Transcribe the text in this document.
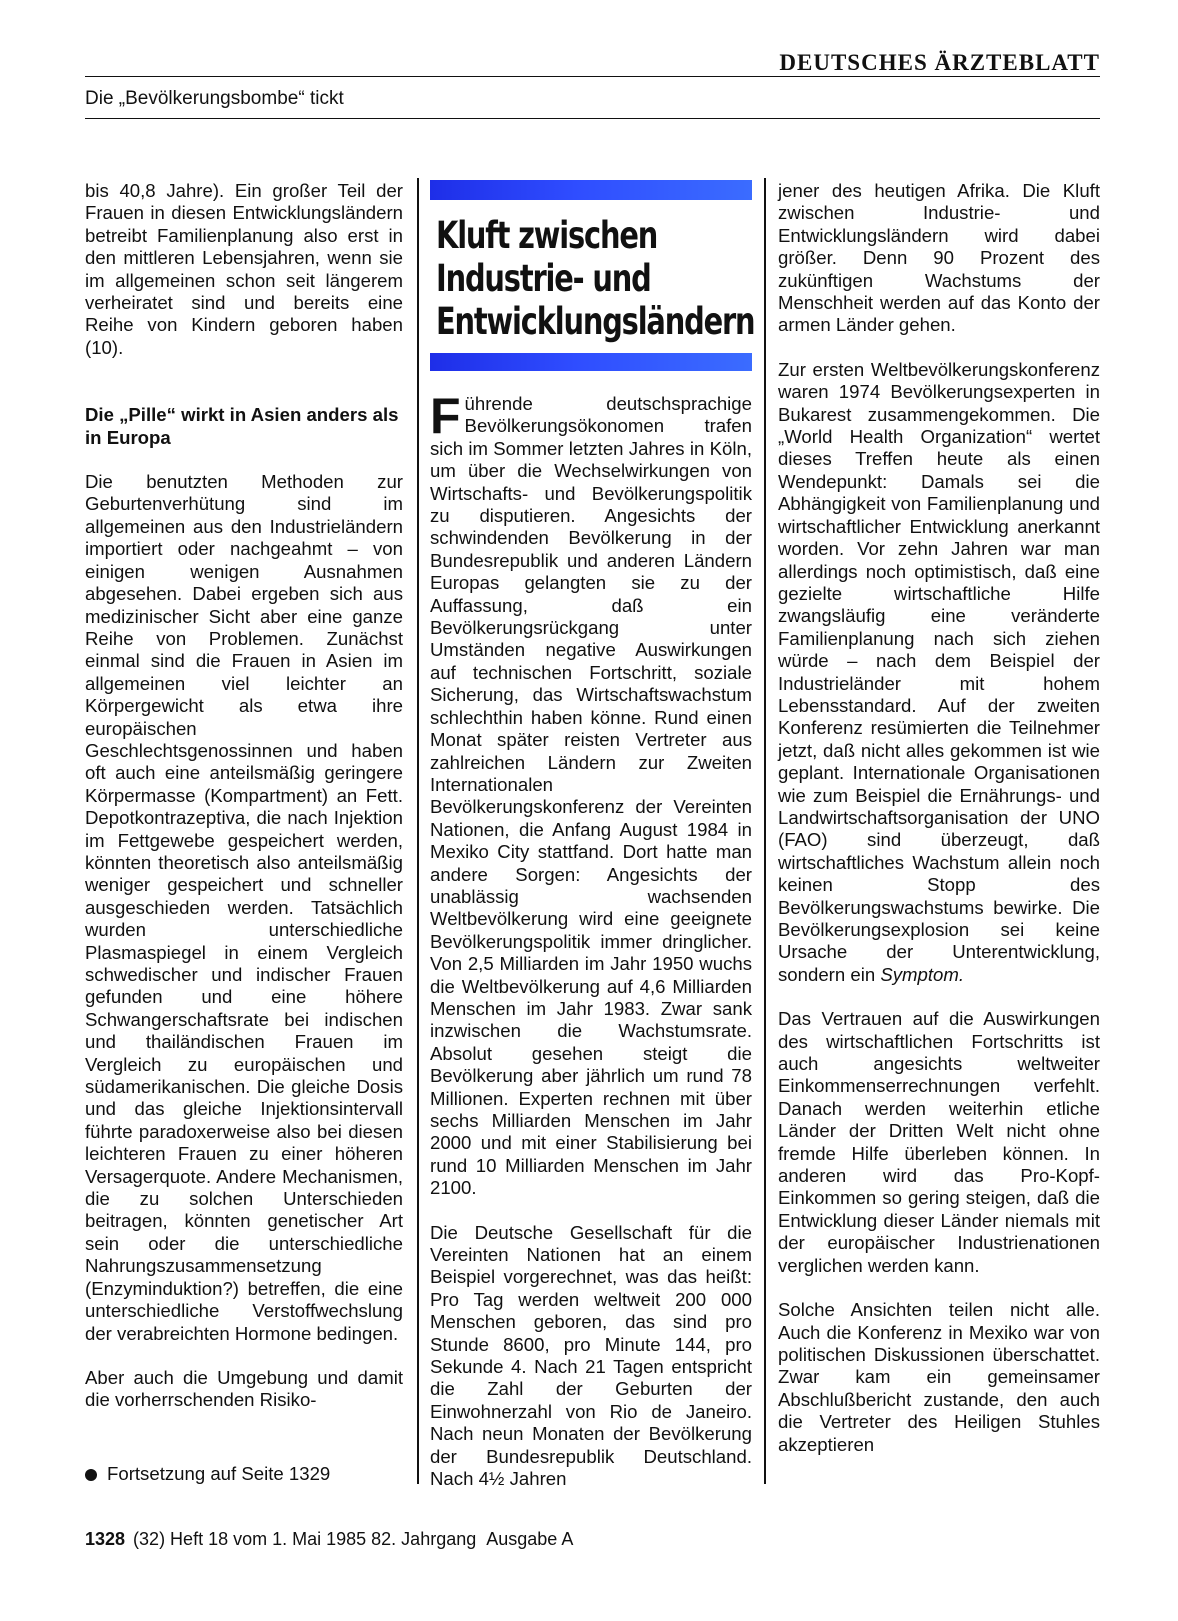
DEUTSCHES ÄRZTEBLATT
Die „Bevölkerungsbombe“ tickt

bis 40,8 Jahre). Ein großer Teil der Frauen in diesen Entwicklungsländern betreibt Familienplanung also erst in den mittleren Lebensjahren, wenn sie im allgemeinen schon seit längerem verheiratet sind und bereits eine Reihe von Kindern geboren haben (10).

Die „Pille“ wirkt in Asien anders als in Europa

Die benutzten Methoden zur Geburtenverhütung sind im allgemeinen aus den Industrieländern importiert oder nachgeahmt – von einigen wenigen Ausnahmen abgesehen. Dabei ergeben sich aus medizinischer Sicht aber eine ganze Reihe von Problemen. Zunächst einmal sind die Frauen in Asien im allgemeinen viel leichter an Körpergewicht als etwa ihre europäischen Geschlechtsgenossinnen und haben oft auch eine anteilsmäßig geringere Körpermasse (Kompartment) an Fett. Depotkontrazeptiva, die nach Injektion im Fettgewebe gespeichert werden, könnten theoretisch also anteilsmäßig weniger gespeichert und schneller ausgeschieden werden. Tatsächlich wurden unterschiedliche Plasmaspiegel in einem Vergleich schwedischer und indischer Frauen gefunden und eine höhere Schwangerschaftsrate bei indischen und thailändischen Frauen im Vergleich zu europäischen und südamerikanischen. Die gleiche Dosis und das gleiche Injektionsintervall führte paradoxerweise also bei diesen leichteren Frauen zu einer höheren Versagerquote. Andere Mechanismen, die zu solchen Unterschieden beitragen, könnten genetischer Art sein oder die unterschiedliche Nahrungszusammensetzung (Enzyminduktion?) betreffen, die eine unterschiedliche Verstoffwechslung der verabreichten Hormone bedingen.

Aber auch die Umgebung und damit die vorherrschenden Risiko-

Fortsetzung auf Seite 1329
Kluft zwischen Industrie- und Entwicklungsländern

Führende deutschsprachige Bevölkerungsökonomen trafen sich im Sommer letzten Jahres in Köln, um über die Wechselwirkungen von Wirtschafts- und Bevölkerungspolitik zu disputieren. Angesichts der schwindenden Bevölkerung in der Bundesrepublik und anderen Ländern Europas gelangten sie zu der Auffassung, daß ein Bevölkerungsrückgang unter Umständen negative Auswirkungen auf technischen Fortschritt, soziale Sicherung, das Wirtschaftswachstum schlechthin haben könne. Rund einen Monat später reisten Vertreter aus zahlreichen Ländern zur Zweiten Internationalen Bevölkerungskonferenz der Vereinten Nationen, die Anfang August 1984 in Mexiko City stattfand. Dort hatte man andere Sorgen: Angesichts der unablässig wachsenden Weltbevölkerung wird eine geeignete Bevölkerungspolitik immer dringlicher. Von 2,5 Milliarden im Jahr 1950 wuchs die Weltbevölkerung auf 4,6 Milliarden Menschen im Jahr 1983. Zwar sank inzwischen die Wachstumsrate. Absolut gesehen steigt die Bevölkerung aber jährlich um rund 78 Millionen. Experten rechnen mit über sechs Milliarden Menschen im Jahr 2000 und mit einer Stabilisierung bei rund 10 Milliarden Menschen im Jahr 2100.

Die Deutsche Gesellschaft für die Vereinten Nationen hat an einem Beispiel vorgerechnet, was das heißt: Pro Tag werden weltweit 200 000 Menschen geboren, das sind pro Stunde 8600, pro Minute 144, pro Sekunde 4. Nach 21 Tagen entspricht die Zahl der Geburten der Einwohnerzahl von Rio de Janeiro. Nach neun Monaten der Bevölkerung der Bundesrepublik Deutschland. Nach 4½ Jahren

jener des heutigen Afrika. Die Kluft zwischen Industrie- und Entwicklungsländern wird dabei größer. Denn 90 Prozent des zukünftigen Wachstums der Menschheit werden auf das Konto der armen Länder gehen.

Zur ersten Weltbevölkerungskonferenz waren 1974 Bevölkerungsexperten in Bukarest zusammengekommen. Die „World Health Organization“ wertet dieses Treffen heute als einen Wendepunkt: Damals sei die Abhängigkeit von Familienplanung und wirtschaftlicher Entwicklung anerkannt worden. Vor zehn Jahren war man allerdings noch optimistisch, daß eine gezielte wirtschaftliche Hilfe zwangsläufig eine veränderte Familienplanung nach sich ziehen würde – nach dem Beispiel der Industrieländer mit hohem Lebensstandard. Auf der zweiten Konferenz resümierten die Teilnehmer jetzt, daß nicht alles gekommen ist wie geplant. Internationale Organisationen wie zum Beispiel die Ernährungs- und Landwirtschaftsorganisation der UNO (FAO) sind überzeugt, daß wirtschaftliches Wachstum allein noch keinen Stopp des Bevölkerungswachstums bewirke. Die Bevölkerungsexplosion sei keine Ursache der Unterentwicklung, sondern ein Symptom.

Das Vertrauen auf die Auswirkungen des wirtschaftlichen Fortschritts ist auch angesichts weltweiter Einkommenserrechnungen verfehlt. Danach werden weiterhin etliche Länder der Dritten Welt nicht ohne fremde Hilfe überleben können. In anderen wird das Pro-Kopf-Einkommen so gering steigen, daß die Entwicklung dieser Länder niemals mit der europäischer Industrienationen verglichen werden kann.

Solche Ansichten teilen nicht alle. Auch die Konferenz in Mexiko war von politischen Diskussionen überschattet. Zwar kam ein gemeinsamer Abschlußbericht zustande, den auch die Vertreter des Heiligen Stuhles akzeptieren

1328 (32) Heft 18 vom 1. Mai 1985 82. Jahrgang Ausgabe A
